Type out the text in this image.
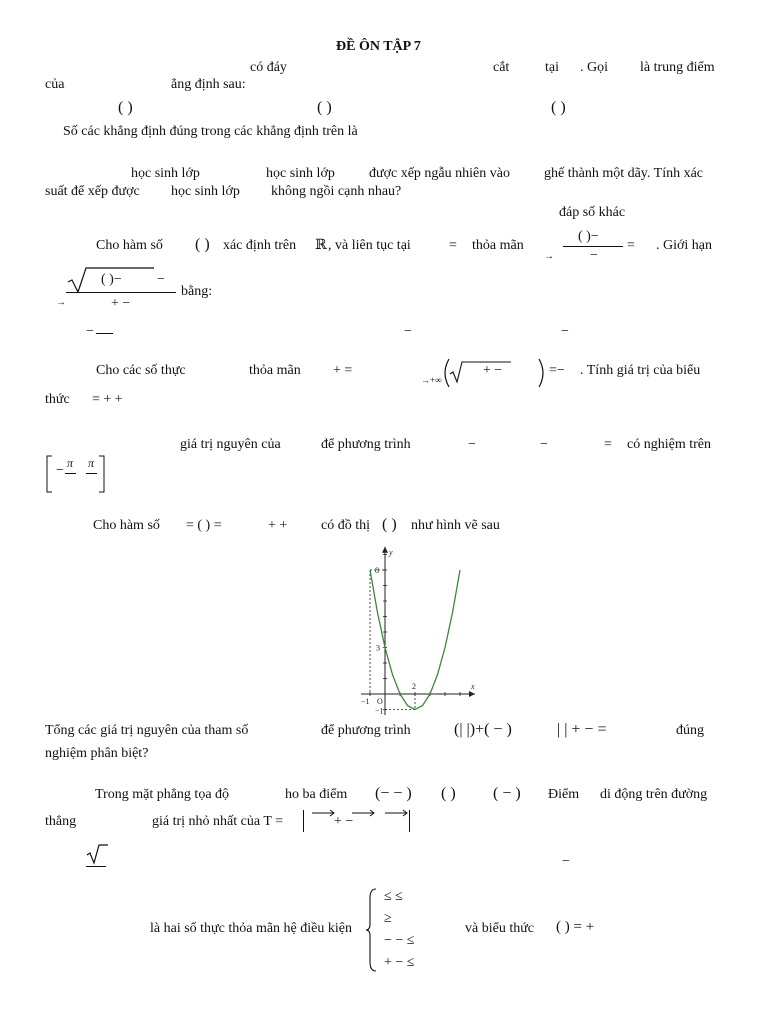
ĐỀ ÔN TẬP 7
có đáy	cắt	tại . Gọi là trung điểm
của	ẳng định sau:
( )	( )	( )
Số các khẳng định đúng trong các khẳng định trên là
học sinh lớp	học sinh lớp được xếp ngẫu nhiên vào ghế thành một dãy. Tính xác
suất để xếp được học sinh lớp không ngồi cạnh nhau?
đáp số khác
Cho hàm số ( ) xác định trên ℝ , và liên tục tại	= thỏa mãn
→
( )−
−
= . Giới hạn
( )−	−
→	+ −
bằng:
−	−	−
Cho các số thực	thỏa mãn + =
→+∞
+ −	=− . Tính giá trị của biểu
thức = + +
giá trị nguyên của	để phương trình	−	−	= có nghiệm trên
− π π
Cho hàm số = ( ) =	+ + có đồ thị ( ) như hình vẽ sau
8
3
2
−1 O
−1
x
y
Tổng các giá trị nguyên của tham số	để phương trình	(| |)+( − )	| | + − =	đúng
nghiệm phân biệt?
Trong mặt phẳng tọa độ	ho ba điểm (− − ) ( ) ( − ) Điểm di động trên đường
thẳng	giá trị nhỏ nhất của T =	+ −
−
là hai số thực thỏa mãn hệ điều kiện
≤ ≤
≥
− − ≤
+ − ≤
và biểu thức ( ) = +
